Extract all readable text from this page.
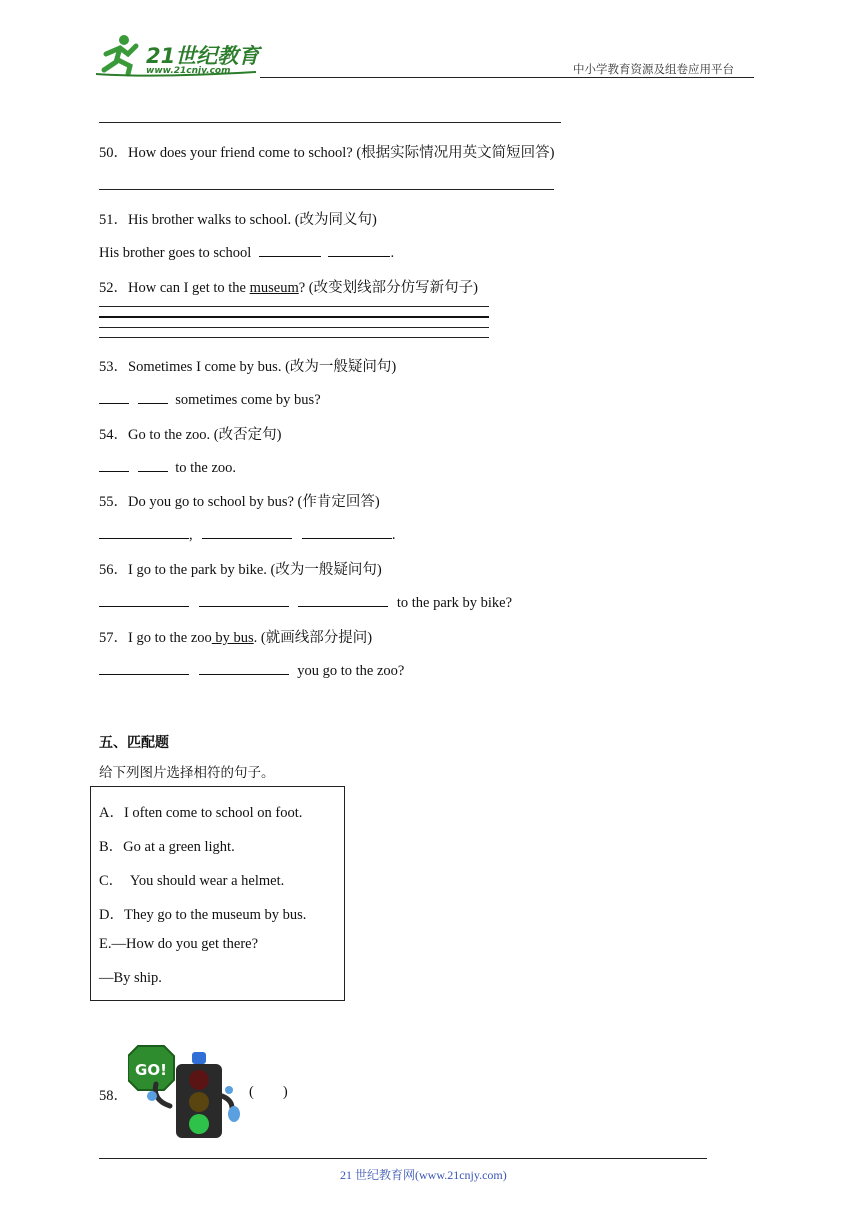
21世纪教育
www.21cnjy.com	中小学教育资源及组卷应用平台
50．How does your friend come to school? (根据实际情况用英文简短回答)
51．His brother walks to school. (改为同义句)
His brother goes to school	.
52．How can I get to the museum? (改变划线部分仿写新句子)
53．Sometimes I come by bus. (改为一般疑问句)
sometimes come by bus?
54．Go to the zoo. (改否定句)
to the zoo.
55．Do you go to school by bus? (作肯定回答)
,	.
56．I go to the park by bike. (改为一般疑问句)
to the park by bike?
57．I go to the zoo by bus. (就画线部分提问)
you go to the zoo?
五、匹配题
给下列图片选择相符的句子。
A．I often come to school on foot.
B．Go at a green light.
C．  You should wear a helmet.
D．They go to the museum by bus.
E.—How do you get there?
—By ship.
58．
GO!
(        )
21 世纪教育网(www.21cnjy.com)
